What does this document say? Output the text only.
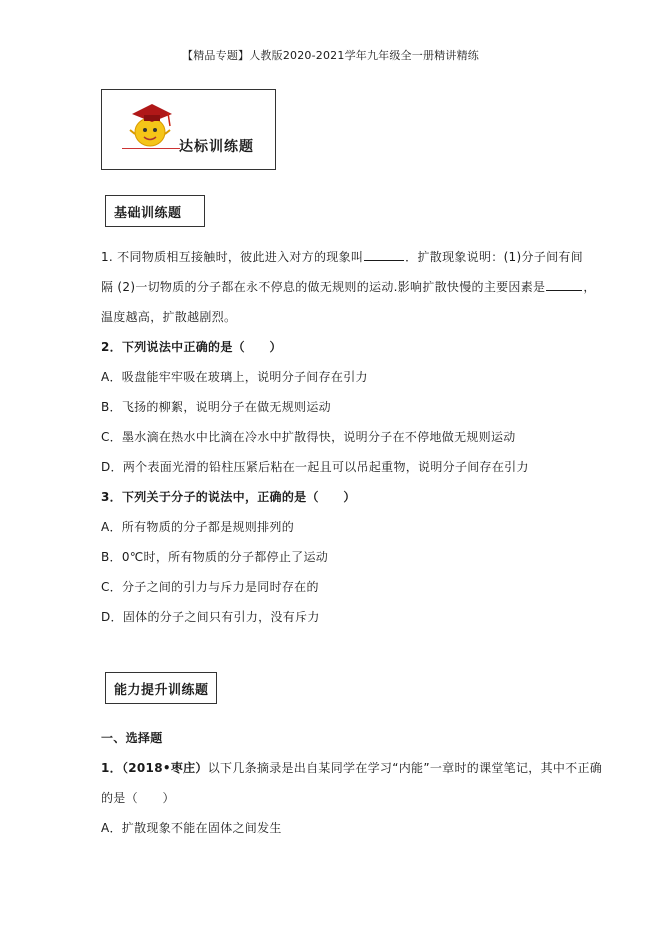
【精品专题】人教版2020-2021学年九年级全一册精讲精练
达标训练题
基础训练题
1. 不同物质相互接触时，彼此进入对方的现象叫	．扩散现象说明：(1)分子间有间
隔 (2)一切物质的分子都在永不停息的做无规则的运动.影响扩散快慢的主要因素是	，
温度越高，扩散越剧烈。
2．下列说法中正确的是（　　）
A．吸盘能牢牢吸在玻璃上，说明分子间存在引力
B．飞扬的柳絮，说明分子在做无规则运动
C．墨水滴在热水中比滴在冷水中扩散得快，说明分子在不停地做无规则运动
D．两个表面光滑的铅柱压紧后粘在一起且可以吊起重物，说明分子间存在引力
3．下列关于分子的说法中，正确的是（　　）
A．所有物质的分子都是规则排列的
B．0℃时，所有物质的分子都停止了运动
C．分子之间的引力与斥力是同时存在的
D．固体的分子之间只有引力，没有斥力
能力提升训练题
一、选择题
1．（2018•枣庄）以下几条摘录是出自某同学在学习“内能”一章时的课堂笔记，其中不正确
的是（　　）
A．扩散现象不能在固体之间发生
